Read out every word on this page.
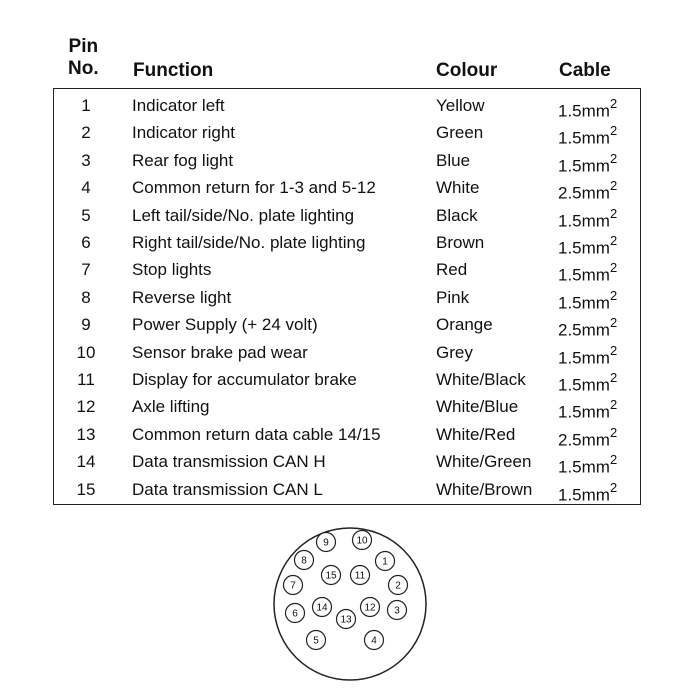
Pin
No. Function	Colour	Cable
1	Indicator left	Yellow	$1.5mm^2$
2	Indicator right	Green	$1.5mm^2$
3	Rear fog light	Blue	$1.5mm^2$
4	Common return for 1-3 and 5-12	White	$2.5mm^2$
5	Left tail/side/No. plate lighting	Black	$1.5mm^2$
6	Right tail/side/No. plate lighting	Brown	$1.5mm^2$
7	Stop lights	Red	$1.5mm^2$
8	Reverse light	Pink	$1.5mm^2$
9	Power Supply (+ 24 volt)	Orange	$2.5mm^2$
10	Sensor brake pad wear	Grey	$1.5mm^2$
11	Display for accumulator brake	White/Black $1.5mm^2$
12	Axle lifting	White/Blue $1.5mm^2$
13	Common return data cable 14/15	White/Red	$2.5mm^2$
14	Data transmission CAN H	White/Green $1.5mm^2$
15	Data transmission CAN L	White/Brown $1.5mm^2$
9	10
8	1
15 11
7	2
6
14	12 3
13
5	4
